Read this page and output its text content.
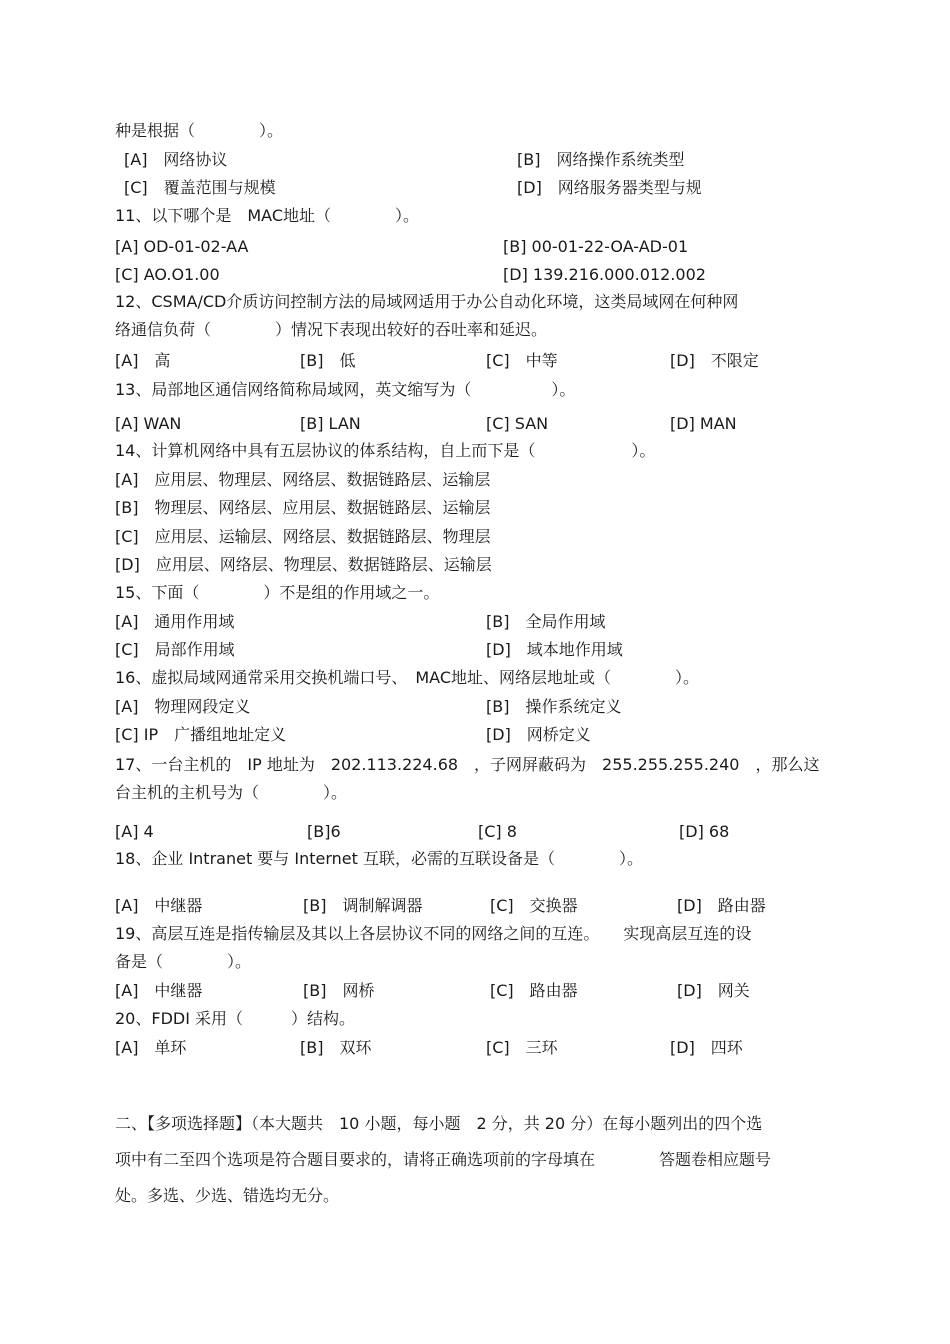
种是根据（　　　　）。
[A]　网络协议	[B]　网络操作系统类型
[C]　覆盖范围与规模	[D]　网络服务器类型与规
11、以下哪个是　MAC地址（　　　　）。
[A] OD-01-02-AA	[B] 00-01-22-OA-AD-01
[C] AO.O1.00	[D] 139.216.000.012.002
12、CSMA/CD介质访问控制方法的局域网适用于办公自动化环境，这类局域网在何种网
络通信负荷（　　　　）情况下表现出较好的吞吐率和延迟。
[A]　高	[B]　低	[C]　中等	[D]　不限定
13、局部地区通信网络简称局域网，英文缩写为（　　　　　）。
[A] WAN	[B] LAN	[C] SAN	[D] MAN
14、计算机网络中具有五层协议的体系结构，自上而下是（　　　　　　）。
[A]　应用层、物理层、网络层、数据链路层、运输层
[B]　物理层、网络层、应用层、数据链路层、运输层
[C]　应用层、运输层、网络层、数据链路层、物理层
[D]　应用层、网络层、物理层、数据链路层、运输层
15、下面（　　　　）不是组的作用域之一。
[A]　通用作用域	[B]　全局作用域
[C]　局部作用域	[D]　域本地作用域
16、虚拟局域网通常采用交换机端口号、　MAC地址、网络层地址或（　　　　）。
[A]　物理网段定义	[B]　操作系统定义
[C] IP　广播组地址定义	[D]　网桥定义
17、一台主机的　IP 地址为　202.113.224.68　，子网屏蔽码为　255.255.255.240　，那么这
台主机的主机号为（　　　　）。
[A] 4	[B]6	[C] 8	[D] 68
18、企业 Intranet 要与 Internet 互联，必需的互联设备是（　　　　）。
[A]　中继器	[B]　调制解调器	[C]　交换器	[D]　路由器
19、高层互连是指传输层及其以上各层协议不同的网络之间的互连。　　实现高层互连的设
备是（　　　　）。
[A]　中继器	[B]　网桥	[C]　路由器	[D]　网关
20、FDDI 采用（　　　）结构。
[A]　单环	[B]　双环	[C]　三环	[D]　四环
二、【多项选择题】（本大题共　10 小题，每小题　2 分，共 20 分）在每小题列出的四个选
项中有二至四个选项是符合题目要求的，请将正确选项前的字母填在　　　　答题卷相应题号
处。多选、少选、错选均无分。
